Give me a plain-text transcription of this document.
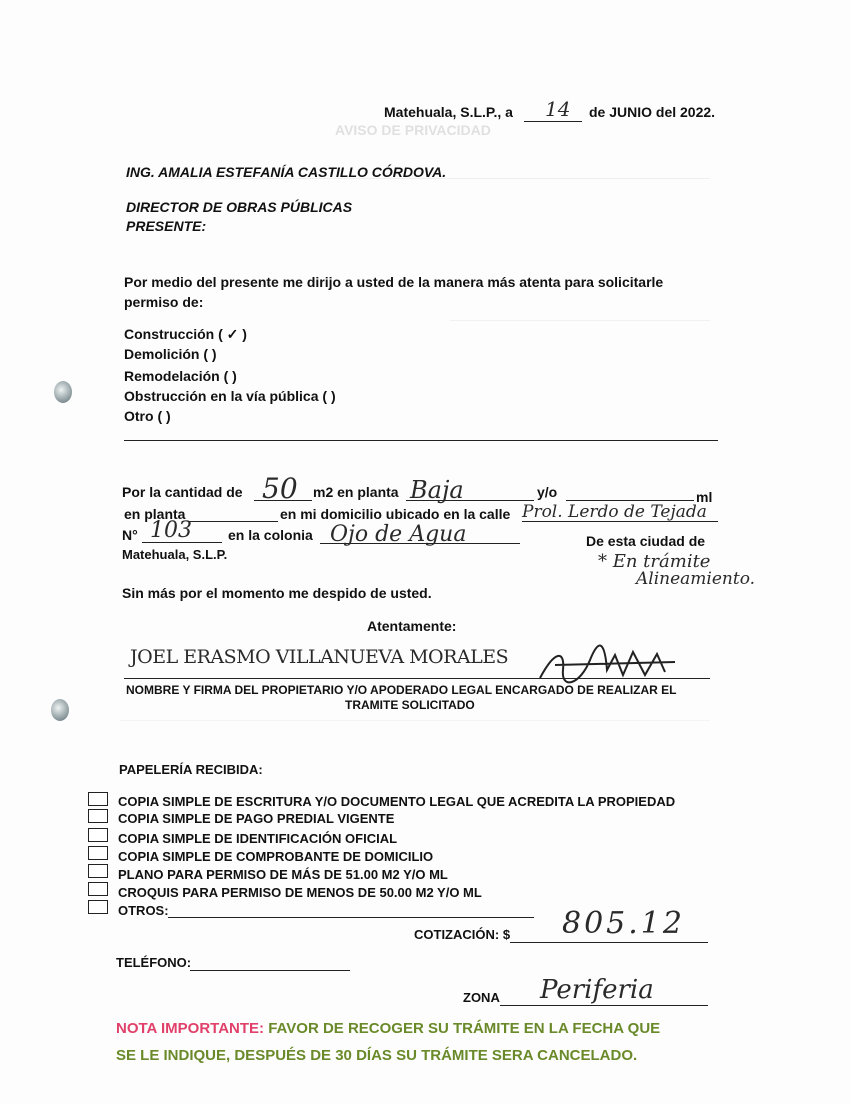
AVISO DE PRIVACIDAD
Matehuala, S.L.P., a 14 de JUNIO del 2022.
ING. AMALIA ESTEFANÍA CASTILLO CÓRDOVA.
DIRECTOR DE OBRAS PÚBLICAS
PRESENTE:
Por medio del presente me dirijo a usted de la manera más atenta para solicitarle
permiso de:
Construcción ( ✓ )
Demolición ( )
Remodelación ( )
Obstrucción en la vía pública ( )
Otro ( )
Por la cantidad de 50 m2 en planta Baja	y/o	ml
en planta	en mi domicilio ubicado en la calle Prol. Lerdo de Tejada
N° 103	en la colonia Ojo de Agua	De esta ciudad de
Matehuala, S.L.P.	* En trámite
Alineamiento.
Sin más por el momento me despido de usted.
Atentamente:
JOEL ERASMO VILLANUEVA MORALES
NOMBRE Y FIRMA DEL PROPIETARIO Y/O APODERADO LEGAL ENCARGADO DE REALIZAR EL
TRAMITE SOLICITADO
PAPELERÍA RECIBIDA:
COPIA SIMPLE DE ESCRITURA Y/O DOCUMENTO LEGAL QUE ACREDITA LA PROPIEDAD
COPIA SIMPLE DE PAGO PREDIAL VIGENTE
COPIA SIMPLE DE IDENTIFICACIÓN OFICIAL
COPIA SIMPLE DE COMPROBANTE DE DOMICILIO
PLANO PARA PERMISO DE MÁS DE 51.00 M2 Y/O ML
CROQUIS PARA PERMISO DE MENOS DE 50.00 M2 Y/O ML
OTROS:
COTIZACIÓN: $ 805.12
TELÉFONO:
ZONA Periferia
NOTA IMPORTANTE: FAVOR DE RECOGER SU TRÁMITE EN LA FECHA QUE
SE LE INDIQUE, DESPUÉS DE 30 DÍAS SU TRÁMITE SERA CANCELADO.
